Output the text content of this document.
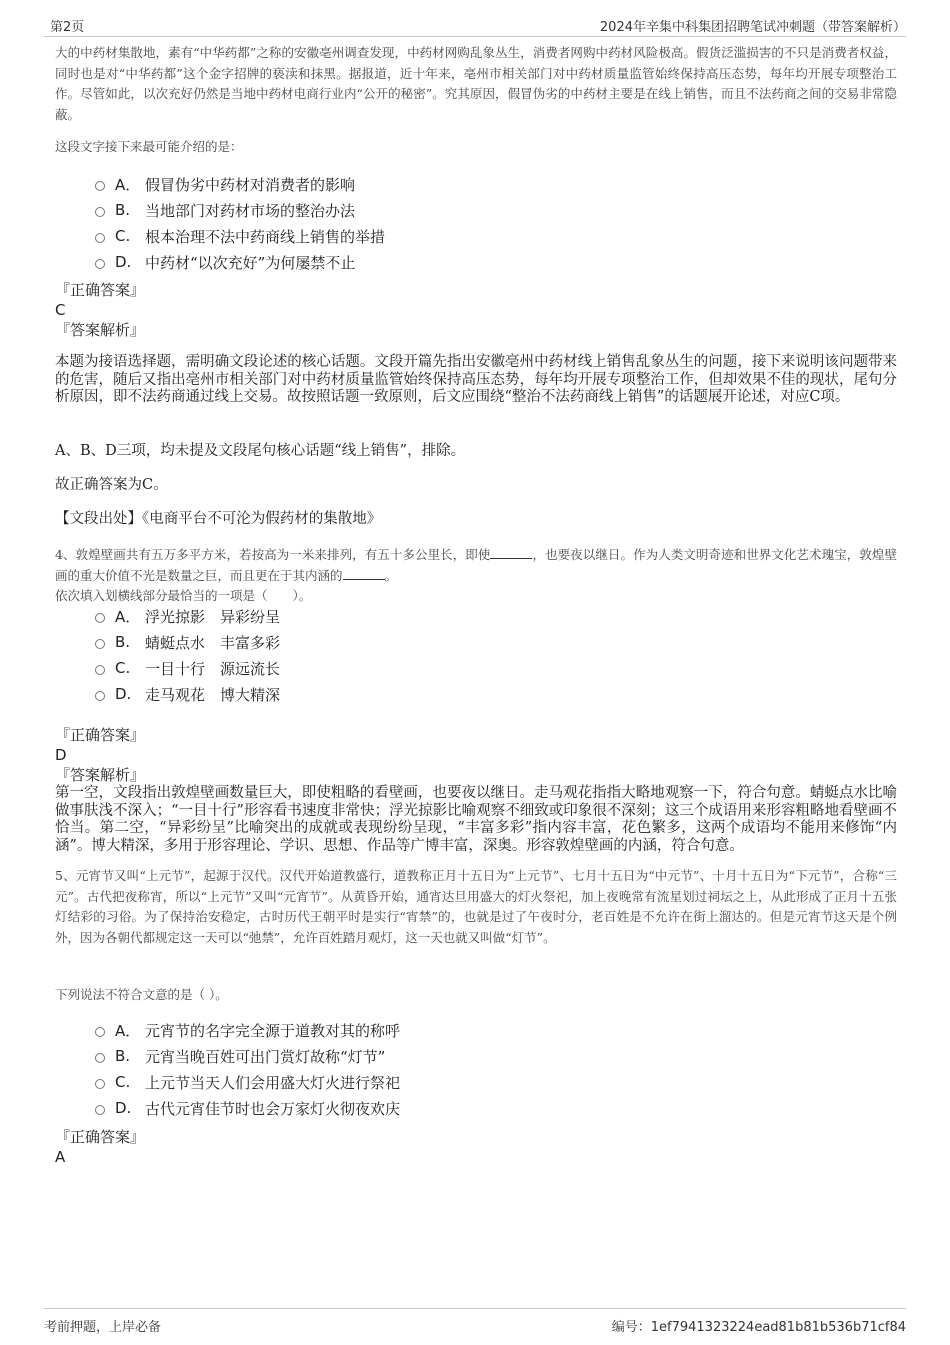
第2页	2024年辛集中科集团招聘笔试冲刺题（带答案解析）

大的中药材集散地，素有“中华药都”之称的安徽亳州调查发现，中药材网购乱象丛生，消费者网购中药材风险极高。假货泛滥损害的不只是消费者权益，同时也是对“中华药都”这个金字招牌的亵渎和抹黑。据报道，近十年来，亳州市相关部门对中药材质量监管始终保持高压态势，每年均开展专项整治工作。尽管如此，以次充好仍然是当地中药材电商行业内“公开的秘密”。究其原因，假冒伪劣的中药材主要是在线上销售，而且不法药商之间的交易非常隐蔽。

这段文字接下来最可能介绍的是：

A． 假冒伪劣中药材对消费者的影响
B. 当地部门对药材市场的整治办法
C. 根本治理不法中药商线上销售的举措
D. 中药材“以次充好”为何屡禁不止

『正确答案』

C

『答案解析』

本题为接语选择题，需明确文段论述的核心话题。文段开篇先指出安徽亳州中药材线上销售乱象丛生的问题，接下来说明该问题带来的危害，随后又指出亳州市相关部门对中药材质量监管始终保持高压态势，每年均开展专项整治工作，但却效果不佳的现状，尾句分析原因，即不法药商通过线上交易。故按照话题一致原则，后文应围绕“整治不法药商线上销售”的话题展开论述，对应C项。

A、B、D三项，均未提及文段尾句核心话题“线上销售”，排除。

故正确答案为C。

【文段出处】《电商平台不可沦为假药材的集散地》

4、敦煌壁画共有五万多平方米，若按高为一米来排列，有五十多公里长，即使	，也要夜以继日。作为人类文明奇迹和世界文化艺术瑰宝，敦煌壁画的重大价值不光是数量之巨，而且更在于其内涵的	。

依次填入划横线部分最恰当的一项是（　　）。

A． 浮光掠影　异彩纷呈
B. 蜻蜓点水　丰富多彩
C. 一目十行　源远流长
D. 走马观花　博大精深

『正确答案』

D

『答案解析』

第一空，文段指出敦煌壁画数量巨大，即使粗略的看壁画，也要夜以继日。走马观花指指大略地观察一下，符合句意。蜻蜓点水比喻做事肤浅不深入；“一目十行”形容看书速度非常快；浮光掠影比喻观察不细致或印象很不深刻；这三个成语用来形容粗略地看壁画不恰当。第二空，“异彩纷呈”比喻突出的成就或表现纷纷呈现，“丰富多彩”指内容丰富，花色繁多，这两个成语均不能用来修饰“内涵”。博大精深，多用于形容理论、学识、思想、作品等广博丰富，深奥。形容敦煌壁画的内涵，符合句意。

5、元宵节又叫“上元节”，起源于汉代。汉代开始道教盛行，道教称正月十五日为“上元节”、七月十五日为“中元节”、十月十五日为“下元节”，合称“三元”。古代把夜称宵，所以“上元节”又叫“元宵节”。从黄昏开始，通宵达旦用盛大的灯火祭祀，加上夜晚常有流星划过祠坛之上，从此形成了正月十五张灯结彩的习俗。为了保持治安稳定，古时历代王朝平时是实行“宵禁”的，也就是过了午夜时分，老百姓是不允许在街上溜达的。但是元宵节这天是个例外，因为各朝代都规定这一天可以“弛禁”，允许百姓踏月观灯，这一天也就又叫做“灯节”。

下列说法不符合文意的是（ ）。

A． 元宵节的名字完全源于道教对其的称呼
B. 元宵当晚百姓可出门赏灯故称“灯节”
C. 上元节当天人们会用盛大灯火进行祭祀
D. 古代元宵佳节时也会万家灯火彻夜欢庆

『正确答案』

A

考前押题，上岸必备	编号：1ef7941323224ead81b81b536b71cf84
